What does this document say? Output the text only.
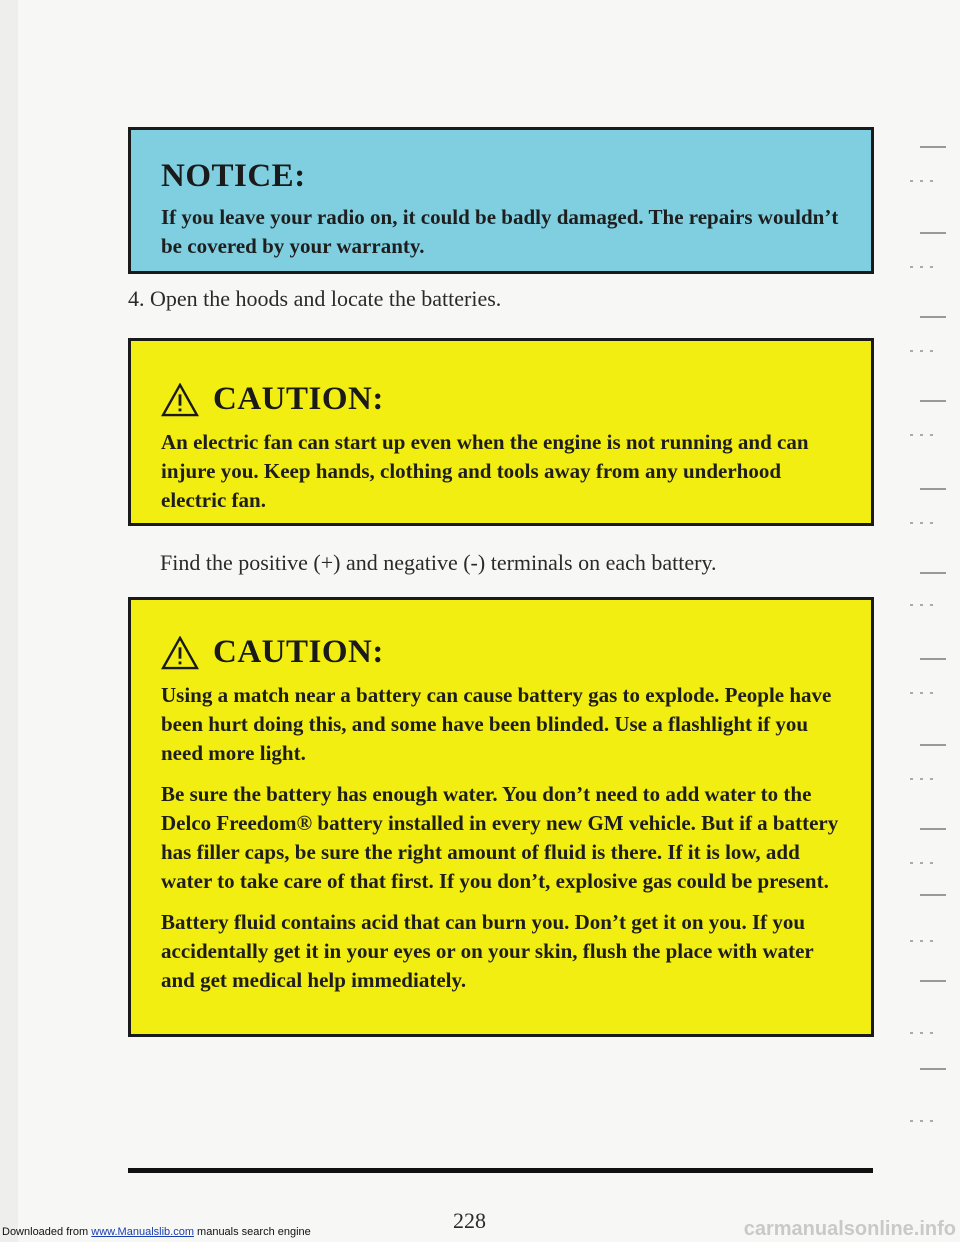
NOTICE:

If you leave your radio on, it could be badly damaged. The repairs wouldn’t be covered by your warranty.

4. Open the hoods and locate the batteries.
CAUTION:

An electric fan can start up even when the engine is not running and can injure you. Keep hands, clothing and tools away from any underhood electric fan.

Find the positive (+) and negative (-) terminals on each battery.
CAUTION:

Using a match near a battery can cause battery gas to explode. People have been hurt doing this, and some have been blinded. Use a flashlight if you need more light.

Be sure the battery has enough water. You don’t need to add water to the Delco Freedom® battery installed in every new GM vehicle. But if a battery has filler caps, be sure the right amount of fluid is there. If it is low, add water to take care of that first. If you don’t, explosive gas could be present.

Battery fluid contains acid that can burn you. Don’t get it on you. If you accidentally get it in your eyes or on your skin, flush the place with water and get medical help immediately.

228
Downloaded from www.Manualslib.com manuals search engine	carmanualsonline.info
